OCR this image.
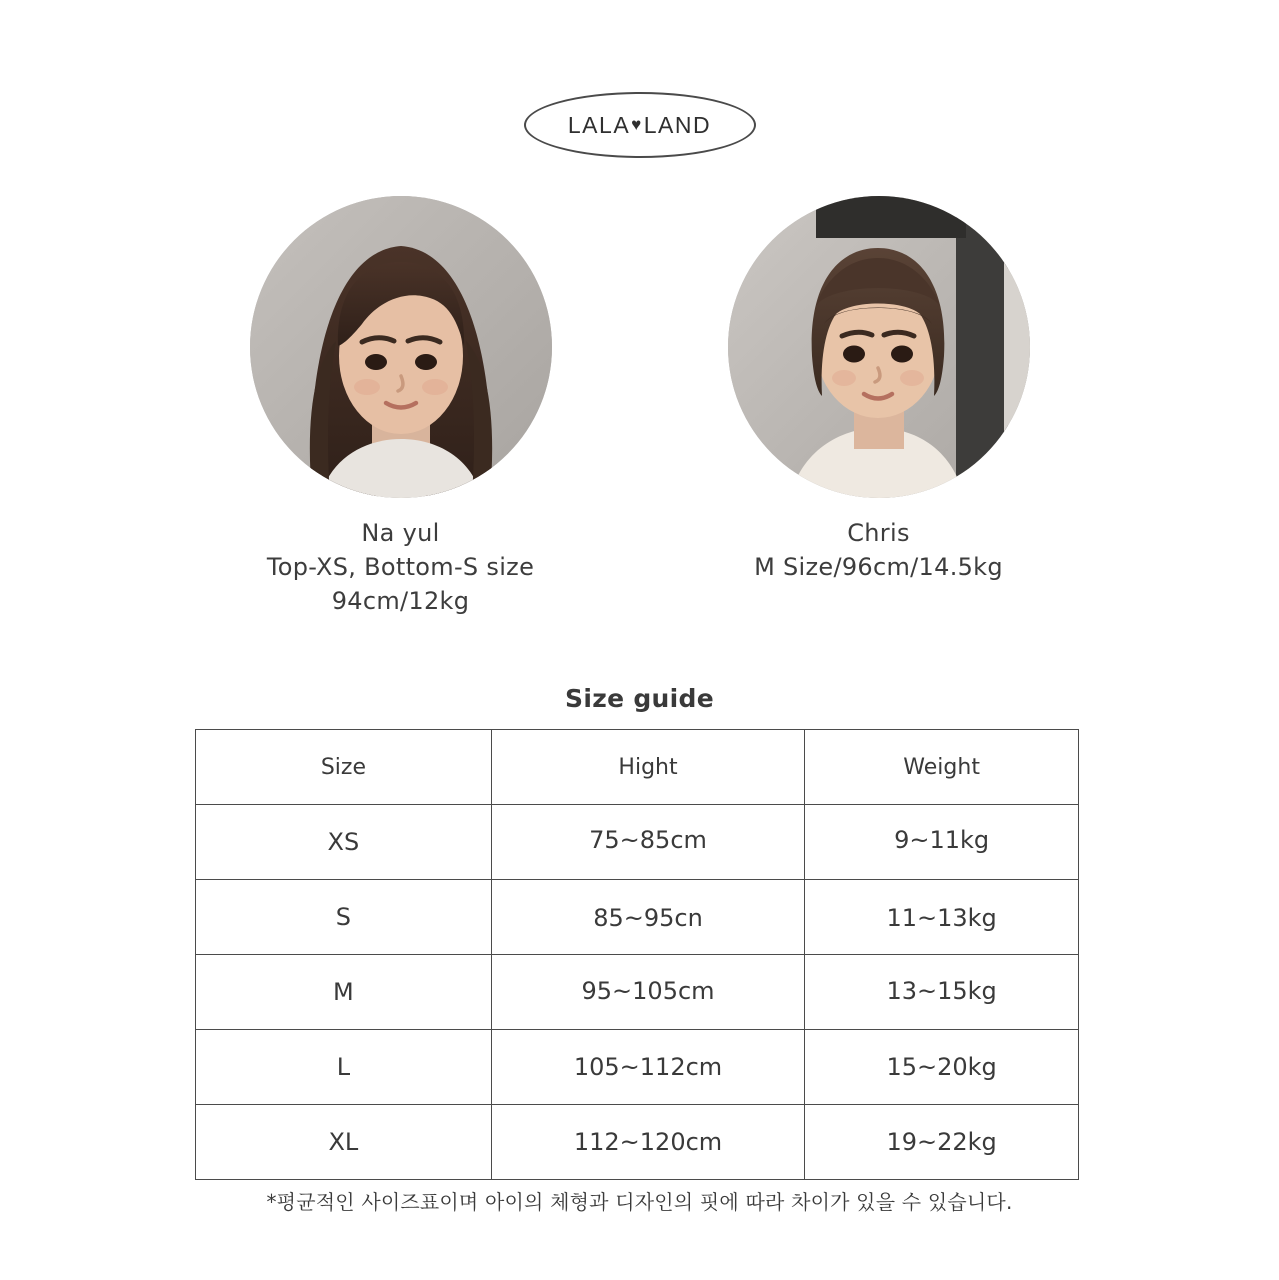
LALA ♥ LAND
Na yul
Top-XS, Bottom-S size
94cm/12kg
Chris
M Size/96cm/14.5kg
Size guide
Size	Hight	Weight
XS	75~85cm	9~11kg
S	85~95cn	11~13kg
M	95~105cm	13~15kg
L	105~112cm	15~20kg
XL	112~120cm	19~22kg
*평균적인 사이즈표이며 아이의 체형과 디자인의 핏에 따라 차이가 있을 수 있습니다.
